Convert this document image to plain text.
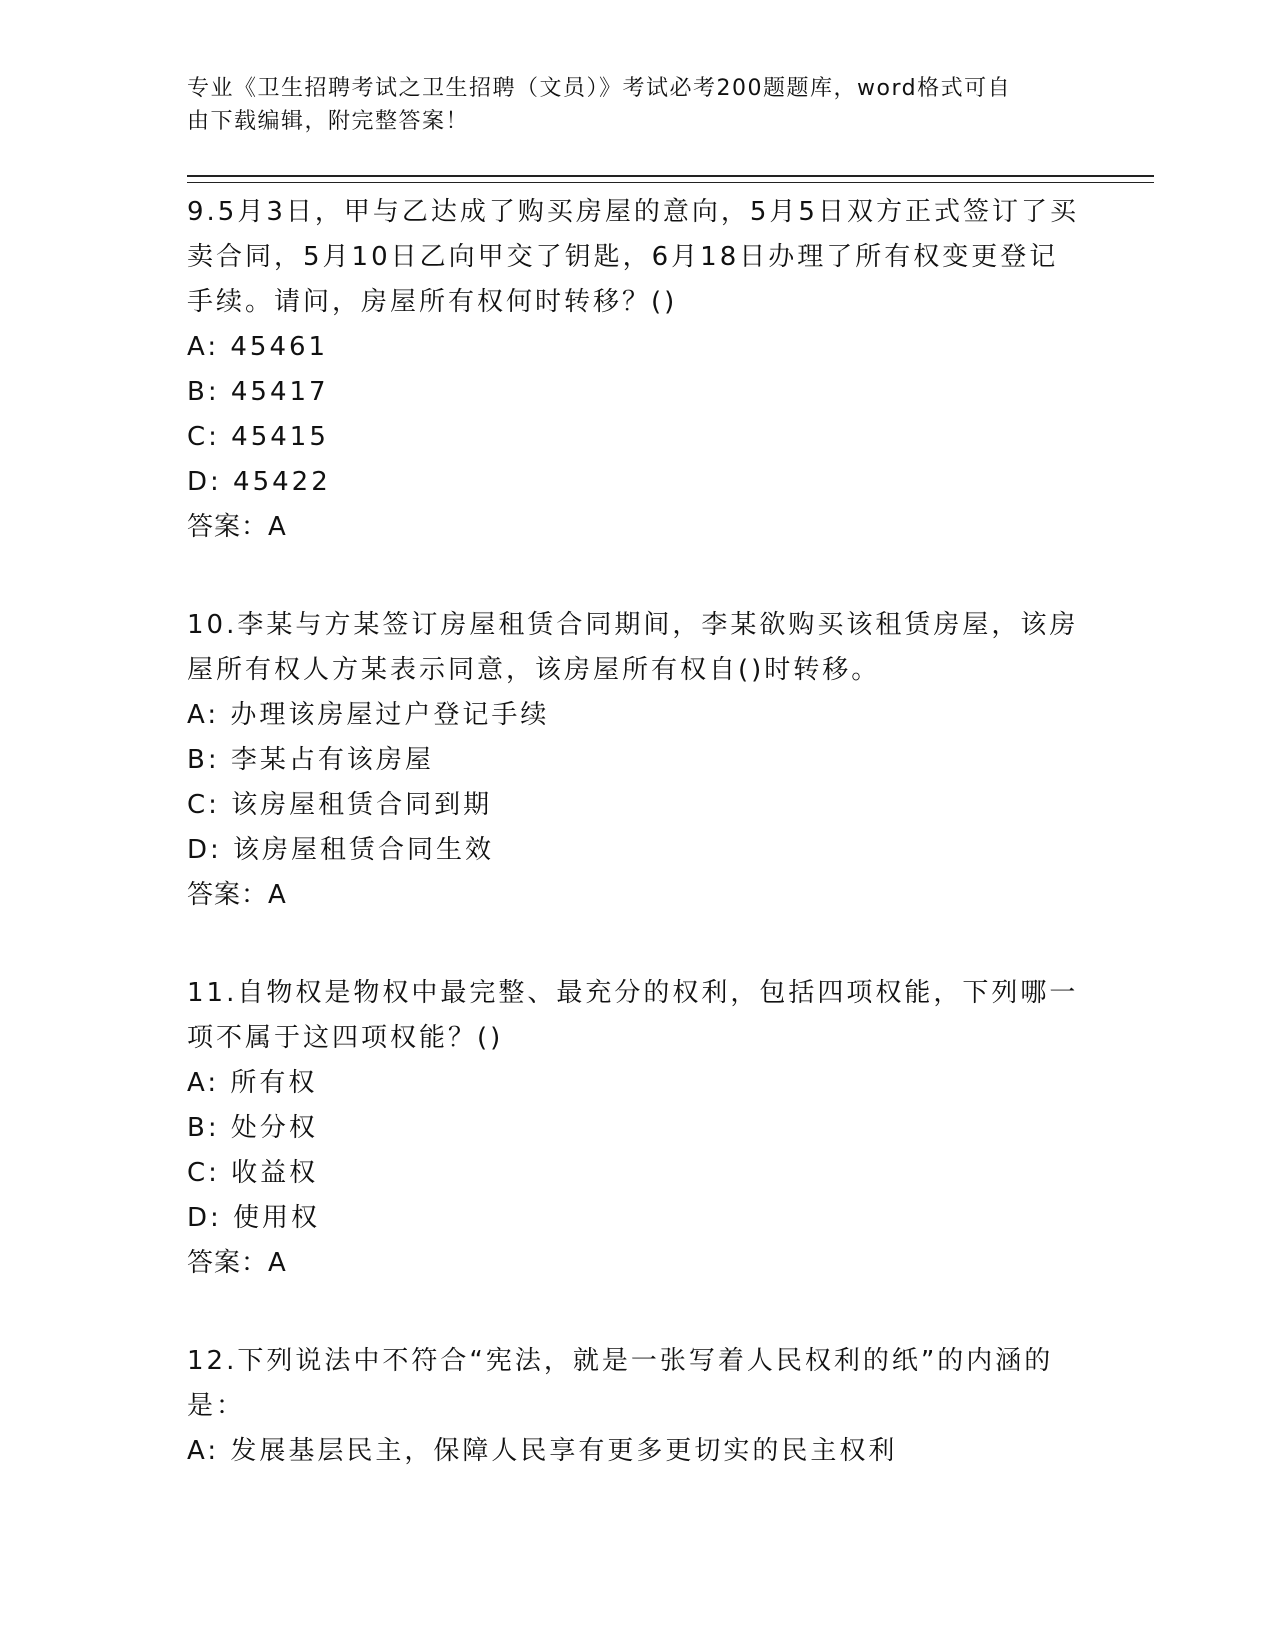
专业《卫生招聘考试之卫生招聘（文员）》考试必考200题题库，word格式可自
由下载编辑，附完整答案！

9.5月3日，甲与乙达成了购买房屋的意向，5月5日双方正式签订了买卖合同，5月10日乙向甲交了钥匙，6月18日办理了所有权变更登记手续。请问，房屋所有权何时转移？()

A: 45461
B: 45417
C: 45415
D: 45422
答案：A

10.李某与方某签订房屋租赁合同期间，李某欲购买该租赁房屋，该房屋所有权人方某表示同意，该房屋所有权自()时转移。

A: 办理该房屋过户登记手续
B: 李某占有该房屋
C: 该房屋租赁合同到期
D: 该房屋租赁合同生效
答案：A

11.自物权是物权中最完整、最充分的权利，包括四项权能，下列哪一项不属于这四项权能？()

A: 所有权
B: 处分权
C: 收益权
D: 使用权
答案：A

12.下列说法中不符合“宪法，就是一张写着人民权利的纸”的内涵的是：

A: 发展基层民主，保障人民享有更多更切实的民主权利
